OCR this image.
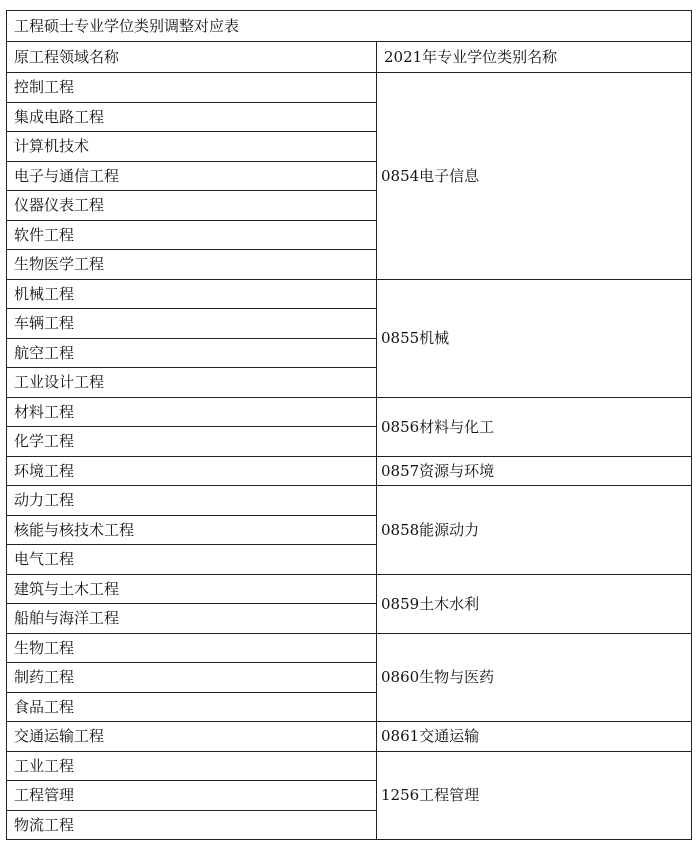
工程硕士专业学位类别调整对应表	
原工程领域名称	2021年专业学位类别名称
控制工程	0854电子信息
集成电路工程	
计算机技术	
电子与通信工程	
仪器仪表工程	
软件工程	
生物医学工程	
机械工程	0855机械
车辆工程	
航空工程	
工业设计工程	
材料工程	0856材料与化工
化学工程	
环境工程	0857资源与环境
动力工程	0858能源动力
核能与核技术工程	
电气工程	
建筑与土木工程	0859土木水利
船舶与海洋工程	
生物工程	0860生物与医药
制药工程	
食品工程	
交通运输工程	0861交通运输
工业工程	1256工程管理
工程管理	
物流工程	
